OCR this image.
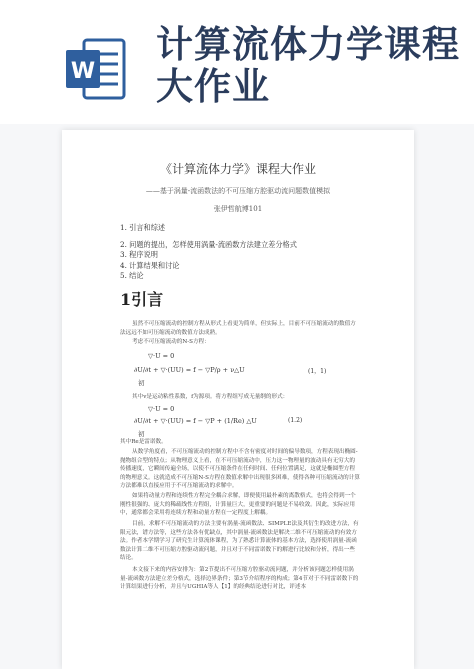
W
计算流体力学课程
大作业
《计算流体力学》课程大作业
——基于涡量-流函数法的不可压缩方腔驱动流问题数值模拟
张伊哲航博101
1. 引言和综述
2. 问题的提出，怎样使用涡量-流函数方法建立差分格式
3. 程序说明
4. 计算结果和讨论
5. 结论
1引言
虽然不可压缩流动的控制方程从形式上看更为简单，但实际上，目前不可压缩流动的数值方法远远不如可压缩流动的数值方法成熟。
考虑不可压缩流动的N-S方程：
▽·U = 0
∂U/∂t + ▽·(UU) = f − ▽P/ρ + ν△U
初
(1，1)
其中v是运动粘性系数，f为源项。将方程组写成无量纲的形式：
▽·U = 0
∂U/∂t + ▽·(UU) = f − ▽P + (1/Re) △U
初
(1.2)
其中Re是雷诺数。
从数学角度看，不可压缩流动的控制方程中不含有密度对时间的偏导数项，方程表现出椭圆-抛物组合型的特点；从物理意义上看，在不可压缩流动中，压力这一物理量的波动具有无穷大的传播速度，它瞬间传遍全场，以使不可压缩条件在任何时间、任何位置满足，这就是椭圆型方程的物理意义。这就造成不可压缩N-S方程在数值求解中出现很多困难，使得各种可压缩流动的计算方法都难以直接应用于不可压缩流动的求解中。
如果将动量方程和连续性方程完全耦合求解，即便使用最朴素的离散格式，也将会得到一个刚性很强的、庞大的稀疏线性方程组，计算量巨大，更重要的问题是不易收敛。因此，实际应用中，通常都会采用将连续方程和动量方程在一定程度上解耦。
目前，求解不可压缩流动的方法主要有涡量-流函数法、SIMPLE法及其衍生的改进方法，有限元法，谱方法等，这些方法各有优缺点，其中涡量-流函数法是解决二维不可压缩流动的有效方法。作者本学期学习了研究生计算流体课程，为了熟悉计算流体的基本方法，选择使用涡量-流函数法计算二维不可压缩方腔驱动流问题，并且对于不同雷诺数下的解进行比较和分析，得出一些结论。
本文接下来的内容安排为：第2节提出不可压缩方腔驱动流问题，并分析该问题怎样使用涡量-流函数方法建立差分格式，选择边界条件；第3节介绍程序的构成；第4节对于不同雷诺数下的计算结果进行分析，并且与UGHIA等人【1】的经典结论进行对比，评述本
